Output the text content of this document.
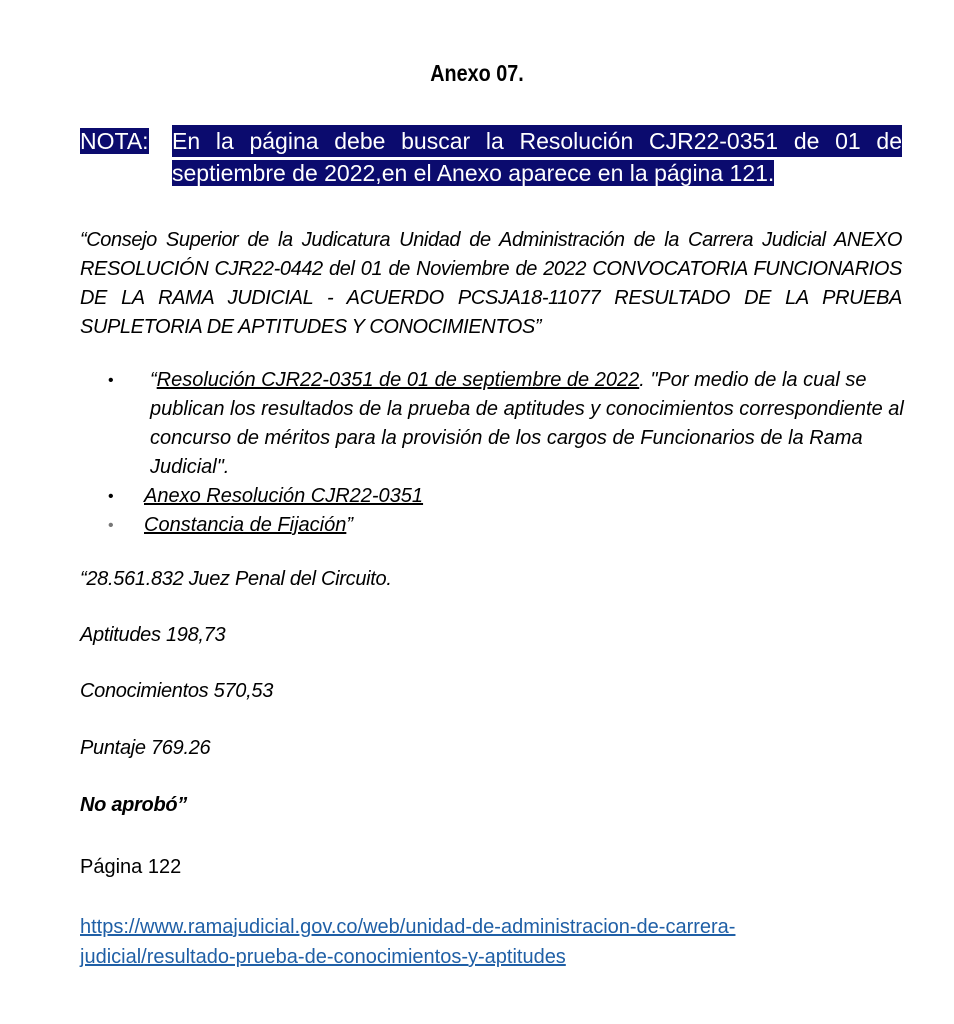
Anexo 07.
NOTA:	En la página debe buscar la Resolución CJR22-0351 de 01 de
septiembre de 2022,en el Anexo aparece en la página 121.
“Consejo Superior de la Judicatura Unidad de Administración de la Carrera Judicial ANEXO RESOLUCIÓN CJR22-0442 del 01 de Noviembre de 2022 CONVOCATORIA FUNCIONARIOS DE LA RAMA JUDICIAL - ACUERDO PCSJA18-11077 RESULTADO DE LA PRUEBA SUPLETORIA DE APTITUDES Y CONOCIMIENTOS”
• “Resolución CJR22-0351 de 01 de septiembre de 2022. "Por medio de la cual se publican los resultados de la prueba de aptitudes y conocimientos correspondiente al concurso de méritos para la provisión de los cargos de Funcionarios de la Rama Judicial".
• Anexo Resolución CJR22-0351
• Constancia de Fijación”
“28.561.832 Juez Penal del Circuito.
Aptitudes 198,73
Conocimientos 570,53
Puntaje 769.26
No aprobó”
Página 122
https://www.ramajudicial.gov.co/web/unidad-de-administracion-de-carrera-judicial/resultado-prueba-de-conocimientos-y-aptitudes
